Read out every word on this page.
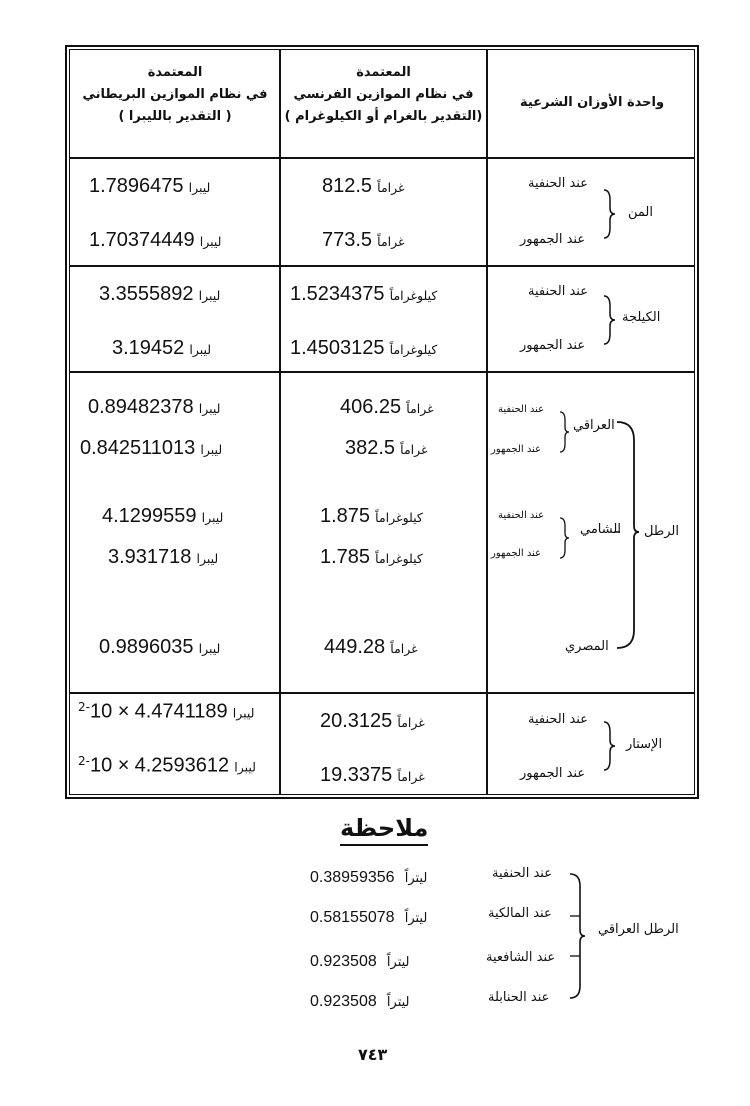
واحدة الأوزان الشرعية
المعتمدة
في نظام الموازين الفرنسي
(التقدير بالغرام أو الكيلوغرام )
المعتمدة
في نظام الموازين البريطاني
( التقدير بالليبرا )
عند الحنفية
عند الجمهور
المن
812.5 غراماً
773.5 غراماً
1.7896475 ليبرا
1.70374449 ليبرا
عند الحنفية
عند الجمهور
الكيلجة
1.5234375 كيلوغراماً
1.4503125 كيلوغراماً
3.3555892 ليبرا
3.19452 ليبرا
عند الحنفية
عند الجمهور
العراقي
عند الحنفية
عند الجمهور
الشامي
المصري
الرطل
406.25 غراماً
382.5 غراماً
0.89482378 ليبرا
0.842511013 ليبرا
1.875 كيلوغراماً
1.785 كيلوغراماً
4.1299559 ليبرا
3.931718 ليبرا
449.28 غراماً
0.9896035 ليبرا
عند الحنفية
عند الجمهور
الإستار
20.3125 غراماً
19.3375 غراماً
ليبرا $4.4741189 \times 10^{-2}$
ليبرا $4.2593612 \times 10^{-2}$
ملاحظة
عند الحنفية
عند المالكية
عند الشافعية
عند الحنابلة
ليتراً  0.38959356
ليتراً  0.58155078
ليتراً  0.923508
ليتراً  0.923508
الرطل العراقي
٧٤٣
